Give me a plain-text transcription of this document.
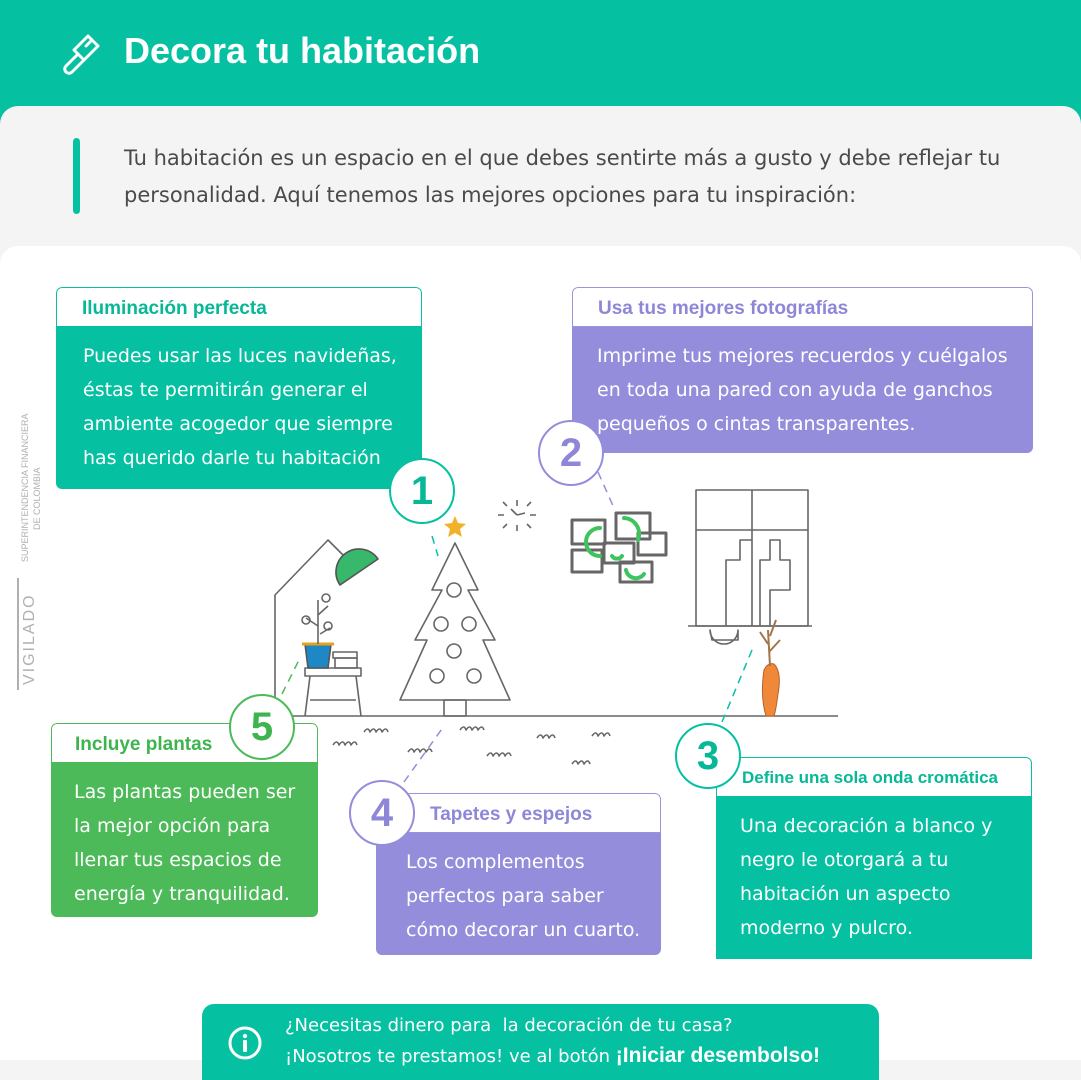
Decora tu habitación
Tu habitación es un espacio en el que debes sentirte más a gusto y debe reflejar tu personalidad. Aquí tenemos las mejores opciones para tu inspiración:
SUPERINTENDENCIA FINANCIERA DE COLOMBIA
VIGILADO
Iluminación perfecta
Puedes usar las luces navideñas, éstas te permitirán generar el ambiente acogedor que siempre has querido darle tu habitación
1
Usa tus mejores fotografías
Imprime tus mejores recuerdos y cuélgalos en toda una pared con ayuda de ganchos pequeños o cintas transparentes.
2
Incluye plantas
Las plantas pueden ser la mejor opción para llenar tus espacios de energía y tranquilidad.
5
Tapetes y espejos
Los complementos perfectos para saber cómo decorar un cuarto.
4
Define una sola onda cromática
Una decoración a blanco y negro le otorgará a tu habitación un aspecto moderno y pulcro.
3
¿Necesitas dinero para  la decoración de tu casa?
¡Nosotros te prestamos! ve al botón ¡Iniciar desembolso!
